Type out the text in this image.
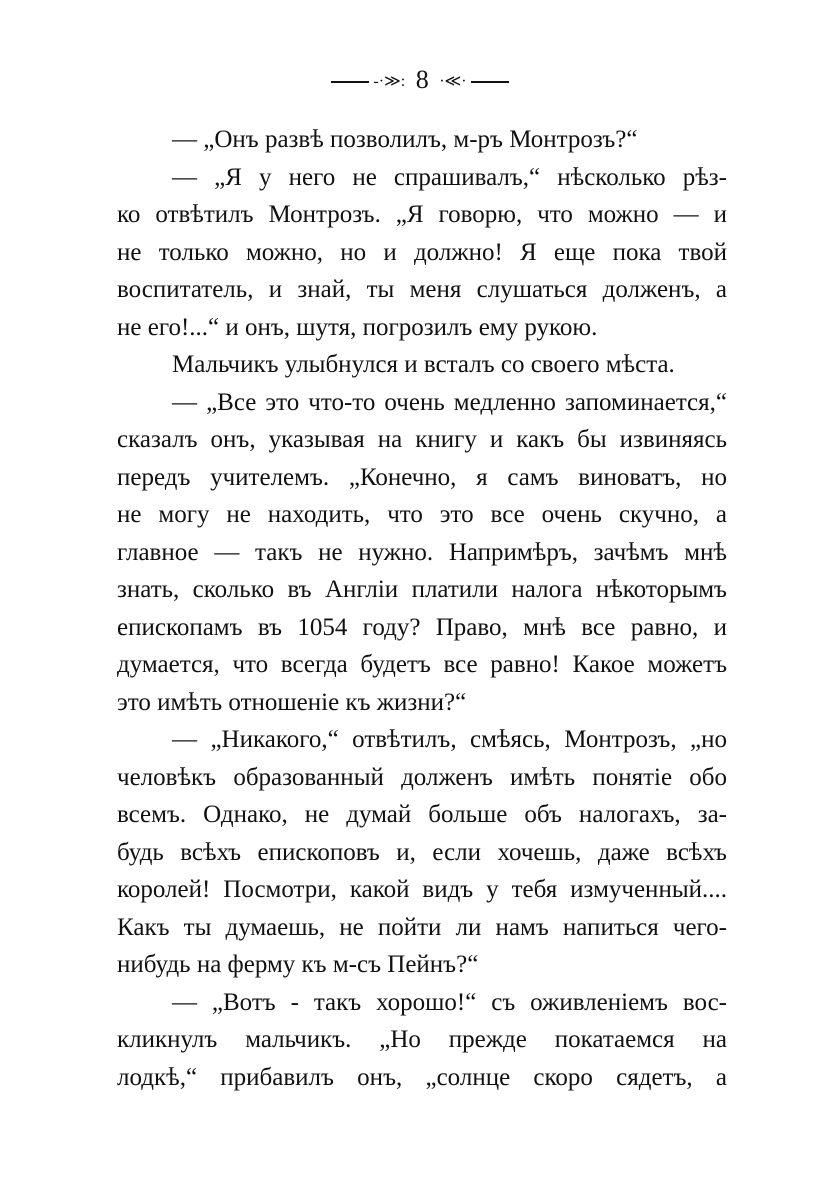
-·≫: 8 ·≪·
— „Онъ развѣ позволилъ, м-ръ Монтрозъ?“
— „Я у него не спрашивалъ,“ нѣсколько рѣз-
ко отвѣтилъ Монтрозъ. „Я говорю, что можно — и
не только можно, но и должно! Я еще пока твой
воспитатель, и знай, ты меня слушаться долженъ, а
не его!...“ и онъ, шутя, погрозилъ ему рукою.
Мальчикъ улыбнулся и всталъ со своего мѣста.
— „Все это что-то очень медленно запоминается,“
сказалъ онъ, указывая на книгу и какъ бы извиняясь
передъ учителемъ. „Конечно, я самъ виноватъ, но
не могу не находить, что это все очень скучно, а
главное — такъ не нужно. Напримѣръ, зачѣмъ мнѣ
знать, сколько въ Англіи платили налога нѣкоторымъ
епископамъ въ 1054 году? Право, мнѣ все равно, и
думается, что всегда будетъ все равно! Какое можетъ
это имѣть отношеніе къ жизни?“
— „Никакого,“ отвѣтилъ, смѣясь, Монтрозъ, „но
человѣкъ образованный долженъ имѣть понятіе обо
всемъ. Однако, не думай больше объ налогахъ, за-
будь всѣхъ епископовъ и, если хочешь, даже всѣхъ
королей! Посмотри, какой видъ у тебя измученный....
Какъ ты думаешь, не пойти ли намъ напиться чего-
нибудь на ферму къ м-съ Пейнъ?“
— „Вотъ - такъ хорошо!“ съ оживленіемъ вос-
кликнулъ мальчикъ. „Но прежде покатаемся на
лодкѣ,“ прибавилъ онъ, „солнце скоро сядетъ, а
